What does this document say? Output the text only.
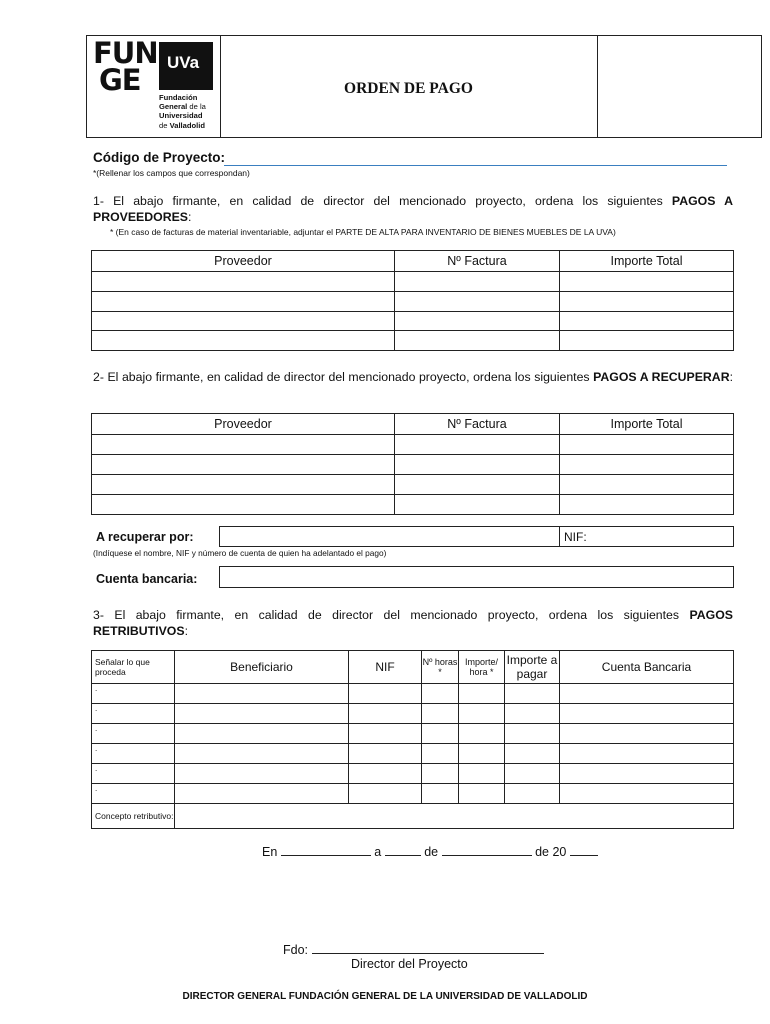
FUN
GE
UVa
Fundación
General de la
Universidad
de Valladolid
ORDEN DE PAGO
Código de Proyecto:
*(Rellenar los campos que correspondan)
1- El abajo firmante, en calidad de director del mencionado proyecto, ordena los siguientes PAGOS A PROVEEDORES:
* (En caso de facturas de material inventariable, adjuntar el PARTE DE ALTA PARA INVENTARIO DE BIENES MUEBLES DE LA UVA)
Proveedor	Nº Factura	Importe Total

2- El abajo firmante, en calidad de director del mencionado proyecto, ordena los siguientes PAGOS A RECUPERAR:
Proveedor	Nº Factura	Importe Total

A recuperar por:	NIF:
(Indíquese el nombre, NIF y número de cuenta de quien ha adelantado el pago)
Cuenta bancaria:
3- El abajo firmante, en calidad de director del mencionado proyecto, ordena los siguientes PAGOS RETRIBUTIVOS:
Señalar lo que proceda	Beneficiario	NIF	Nº horas *	Importe/ hora *	Importe a pagar	Cuenta Bancaria
.						
.						
.						
.						
.						
.						
Concepto retributivo:						
En	a	de	de 20
Fdo:
Director del Proyecto
DIRECTOR GENERAL FUNDACIÓN GENERAL DE LA UNIVERSIDAD DE VALLADOLID
